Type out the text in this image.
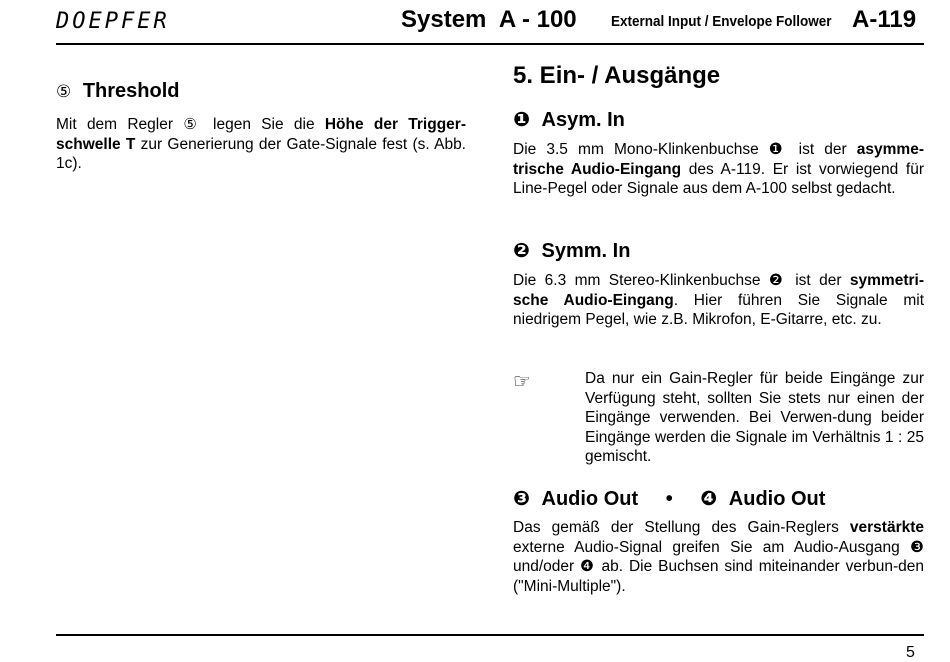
DOEPFER	System  A - 100 External Input / Envelope Follower A-119
⑤ Threshold
Mit dem Regler ⑤ legen Sie die Höhe der Trigger-schwelle T zur Generierung der Gate-Signale fest (s. Abb. 1c).
5. Ein- / Ausgänge
❶ Asym. In
Die 3.5 mm Mono-Klinkenbuchse ❶ ist der asymme-trische Audio-Eingang des A-119. Er ist vorwiegend für Line-Pegel oder Signale aus dem A-100 selbst gedacht.
❷ Symm. In
Die 6.3 mm Stereo-Klinkenbuchse ❷ ist der symmetri-sche Audio-Eingang. Hier führen Sie Signale mit niedrigem Pegel, wie z.B. Mikrofon, E-Gitarre, etc. zu.
☞	Da nur ein Gain-Regler für beide Eingänge zur Verfügung steht, sollten Sie stets nur einen der Eingänge verwenden. Bei Verwen-dung beider Eingänge werden die Signale im Verhältnis 1 : 25 gemischt.
❸ Audio Out • ❹ Audio Out
Das gemäß der Stellung des Gain-Reglers verstärkte externe Audio-Signal greifen Sie am Audio-Ausgang ❸ und/oder ❹ ab. Die Buchsen sind miteinander verbun-den ("Mini-Multiple").
5
